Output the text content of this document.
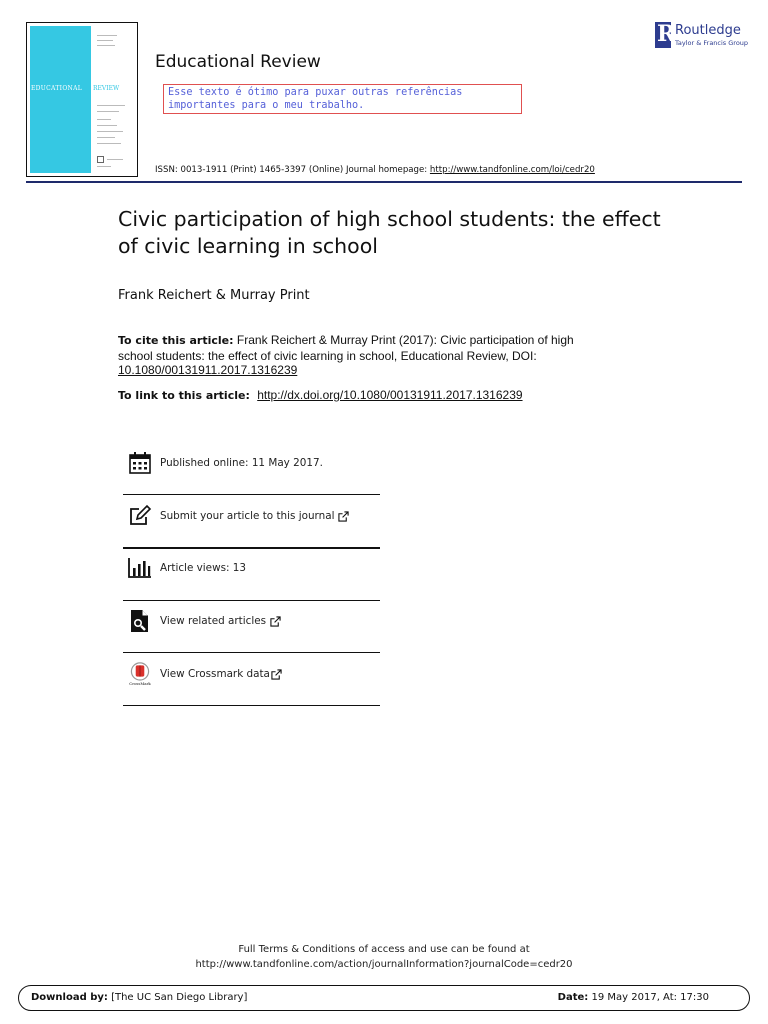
EDUCATIONAL REVIEW
Educational Review
Esse texto é ótimo para puxar outras referências
importantes para o meu trabalho.
R Routledge
Taylor & Francis Group
ISSN: 0013-1911 (Print) 1465-3397 (Online) Journal homepage: http://www.tandfonline.com/loi/cedr20
Civic participation of high school students: the effect of civic learning in school
Frank Reichert & Murray Print
To cite this article: Frank Reichert & Murray Print (2017): Civic participation of high school students: the effect of civic learning in school, Educational Review, DOI:
10.1080/00131911.2017.1316239
To link to this article: http://dx.doi.org/10.1080/00131911.2017.1316239
Published online: 11 May 2017.
Submit your article to this journal
Article views: 13
View related articles
CrossMark
View Crossmark data
Full Terms & Conditions of access and use can be found at
http://www.tandfonline.com/action/journalInformation?journalCode=cedr20
Download by: [The UC San Diego Library]	Date: 19 May 2017, At: 17:30
